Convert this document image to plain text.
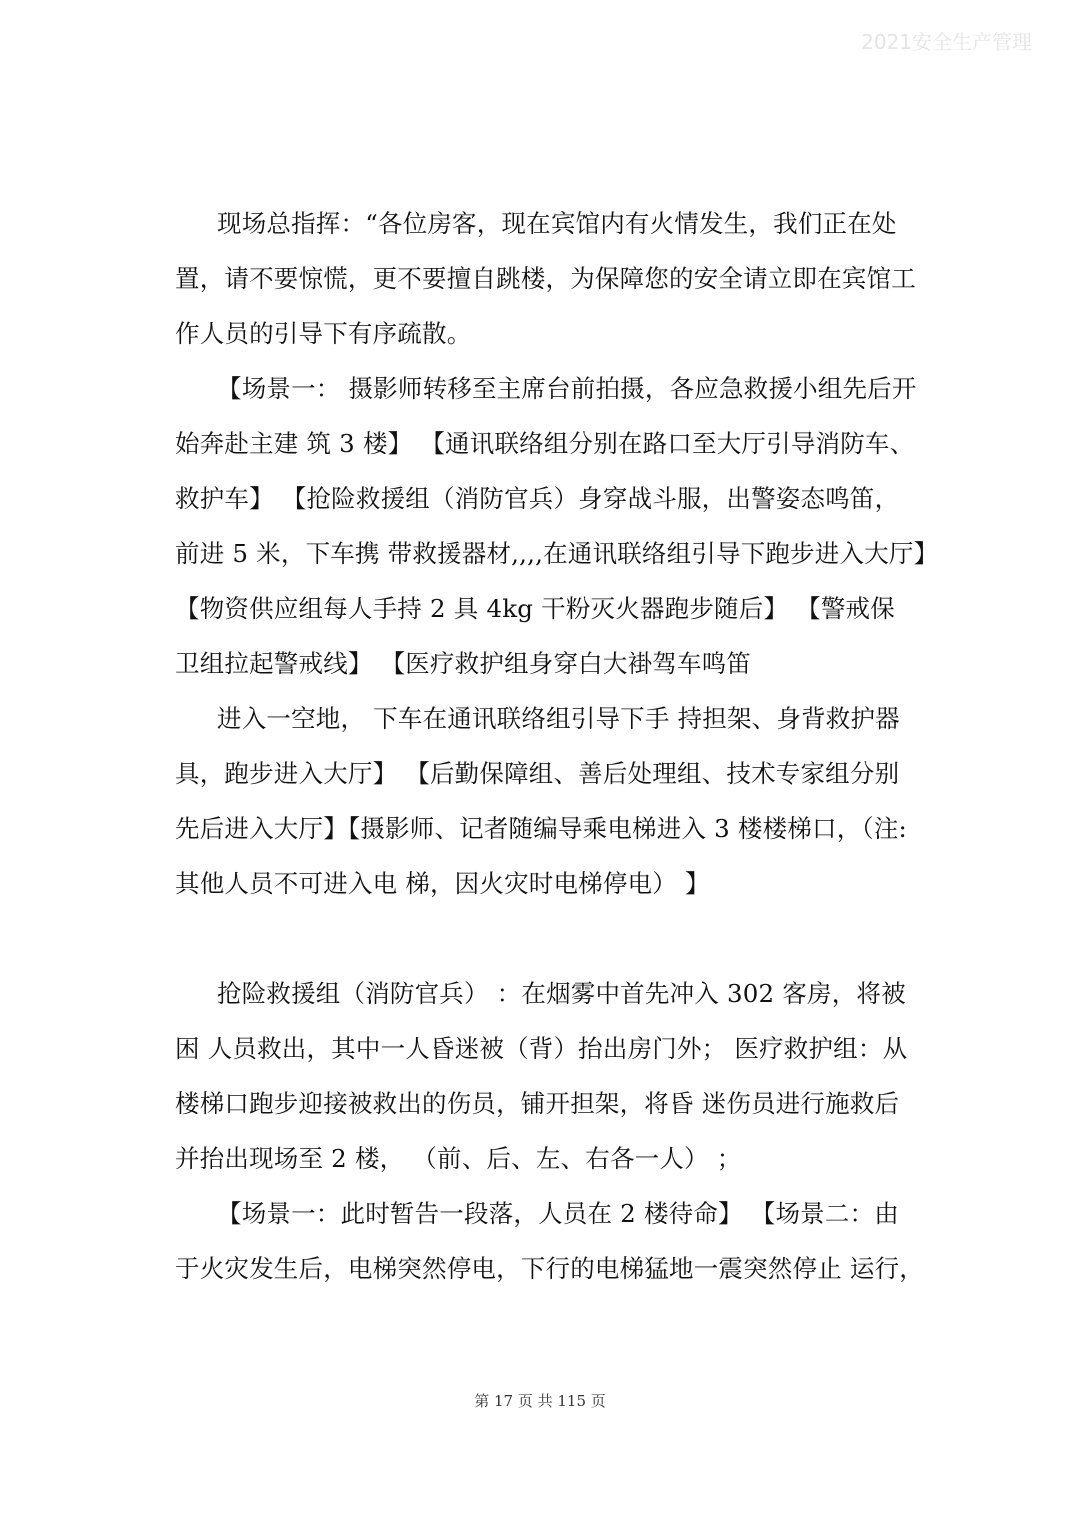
2021安全生产管理
现场总指挥：“各位房客，现在宾馆内有火情发生，我们正在处
置，请不要惊慌，更不要擅自跳楼，为保障您的安全请立即在宾馆工
作人员的引导下有序疏散。
【场景一： 摄影师转移至主席台前拍摄，各应急救援小组先后开
始奔赴主建 筑 3 楼】 【通讯联络组分别在路口至大厅引导消防车、
救护车】 【抢险救援组（消防官兵）身穿战斗服，出警姿态鸣笛，
前进 5 米，下车携 带救援器材,,,,在通讯联络组引导下跑步进入大厅】
【物资供应组每人手持 2 具 4kg 干粉灭火器跑步随后】 【警戒保
卫组拉起警戒线】 【医疗救护组身穿白大褂驾车鸣笛
进入一空地， 下车在通讯联络组引导下手 持担架、身背救护器
具，跑步进入大厅】 【后勤保障组、善后处理组、技术专家组分别
先后进入大厅】【摄影师、记者随编导乘电梯进入 3 楼楼梯口，（注:
其他人员不可进入电 梯，因火灾时电梯停电） 】
抢险救援组（消防官兵） ：在烟雾中首先冲入 302 客房，将被
困 人员救出，其中一人昏迷被（背）抬出房门外； 医疗救护组：从
楼梯口跑步迎接被救出的伤员，铺开担架，将昏 迷伤员进行施救后
并抬出现场至 2 楼， （前、后、左、右各一人） ；
【场景一：此时暂告一段落，人员在 2 楼待命】 【场景二：由
于火灾发生后，电梯突然停电，下行的电梯猛地一震突然停止 运行，
第 17 页 共 115 页
